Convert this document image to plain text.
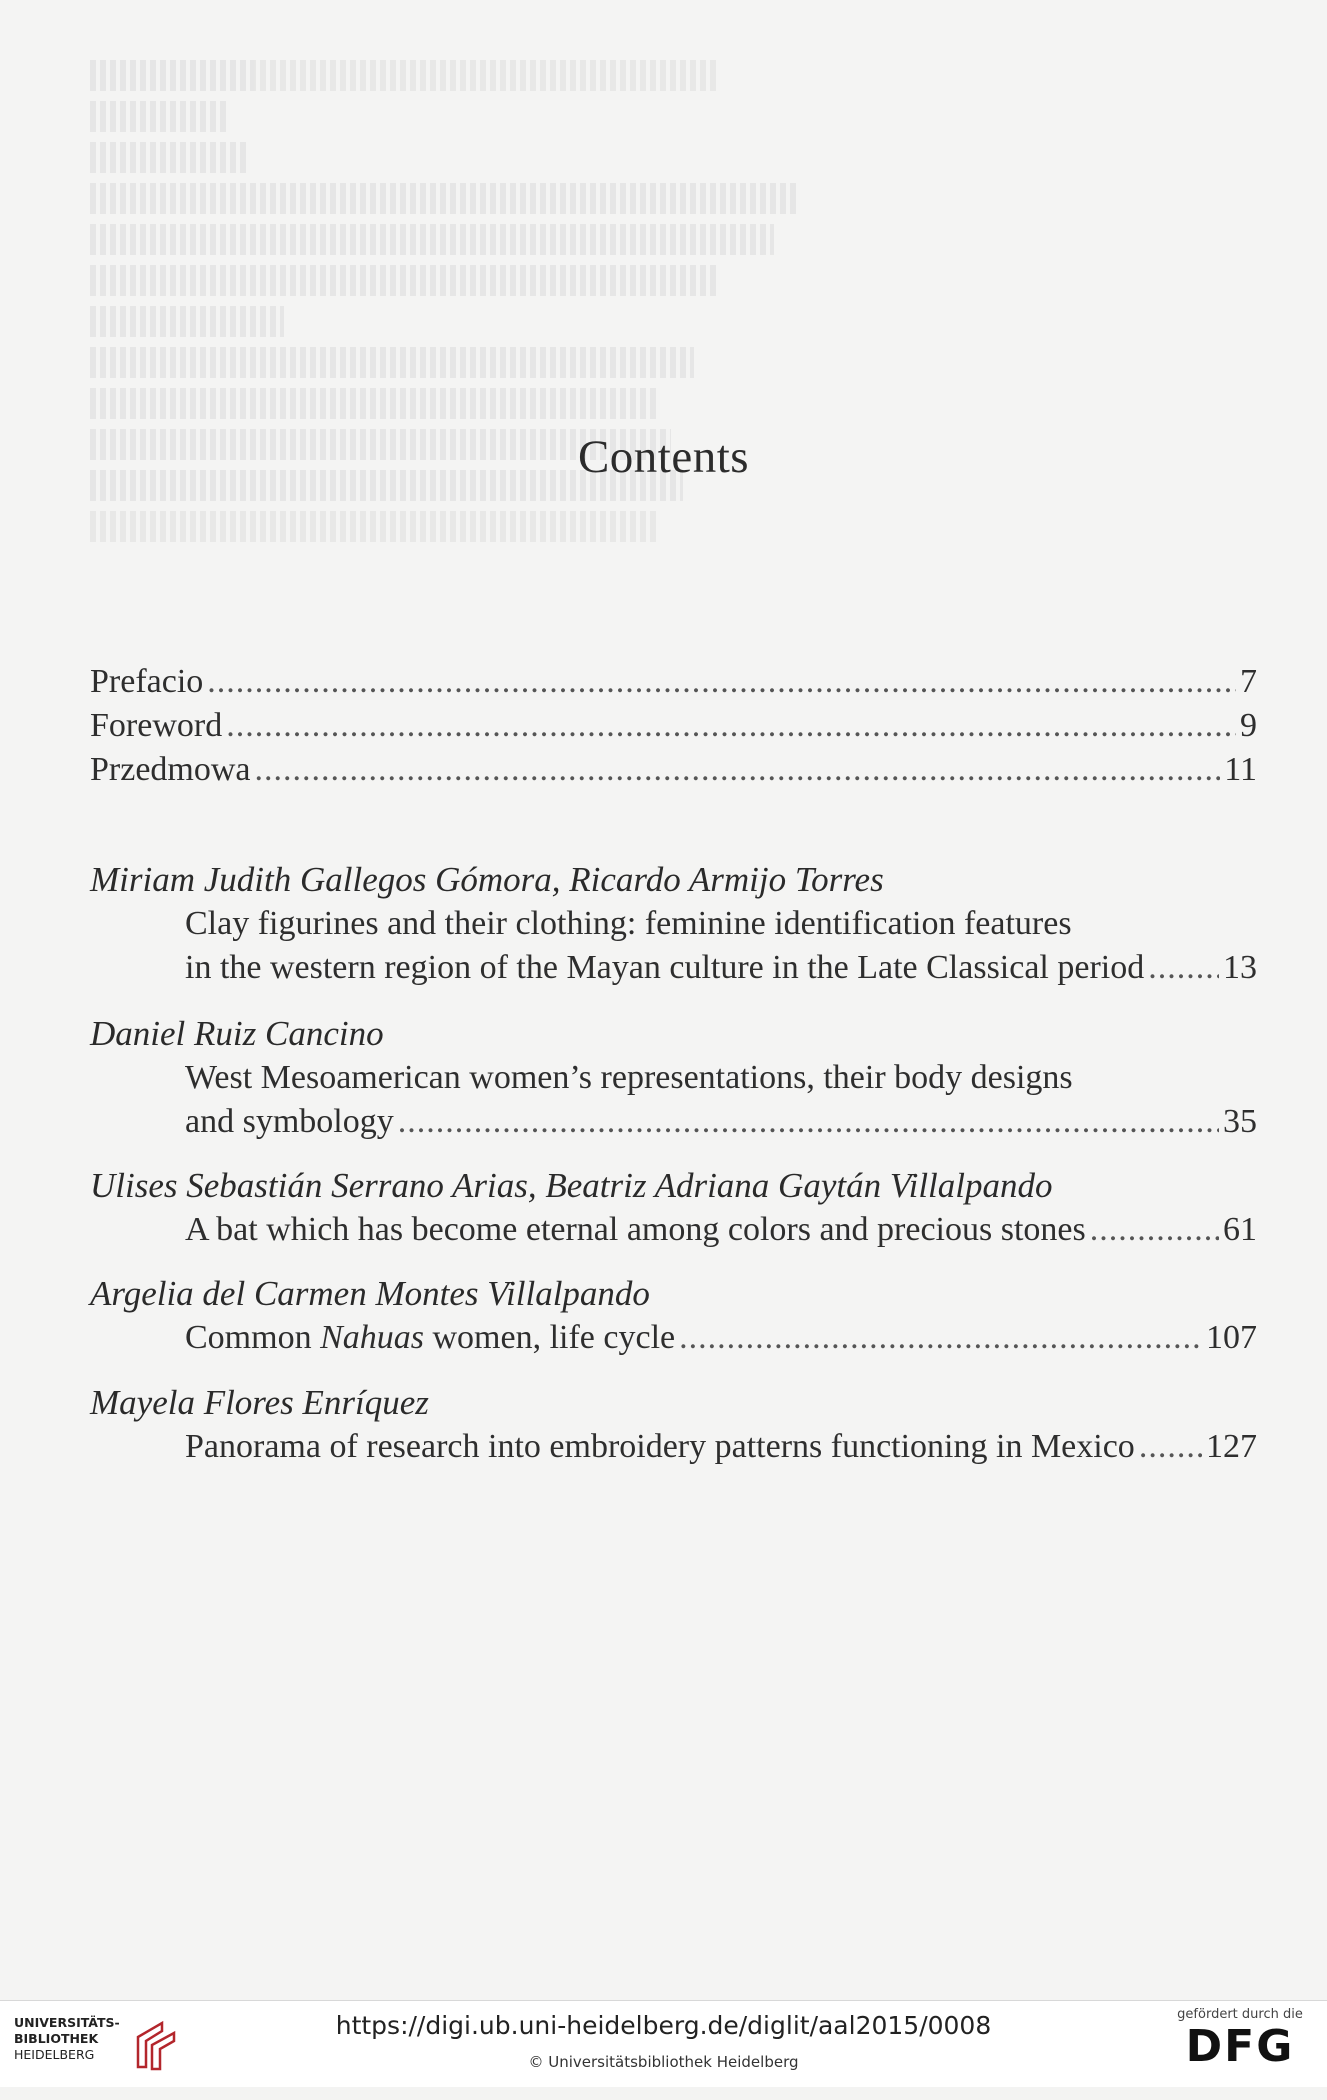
Contents
Prefacio .....	7
Foreword .....	9
Przedmowa .....	11
Miriam Judith Gallegos Gómora, Ricardo Armijo Torres
Clay figurines and their clothing: feminine identification features
in the western region of the Mayan culture in the Late Classical period ..... 13
Daniel Ruiz Cancino
West Mesoamerican women’s representations, their body designs
and symbology .....	35
Ulises Sebastián Serrano Arias, Beatriz Adriana Gaytán Villalpando
A bat which has become eternal among colors and precious stones .....	61
Argelia del Carmen Montes Villalpando
Common Nahuas women, life cycle .....	107
Mayela Flores Enríquez
Panorama of research into embroidery patterns functioning in Mexico ..... 127
UNIVERSITÄTS-
BIBLIOTHEK
HEIDELBERG
https://digi.ub.uni-heidelberg.de/diglit/aal2015/0008
© Universitätsbibliothek Heidelberg
gefördert durch die
DFG
